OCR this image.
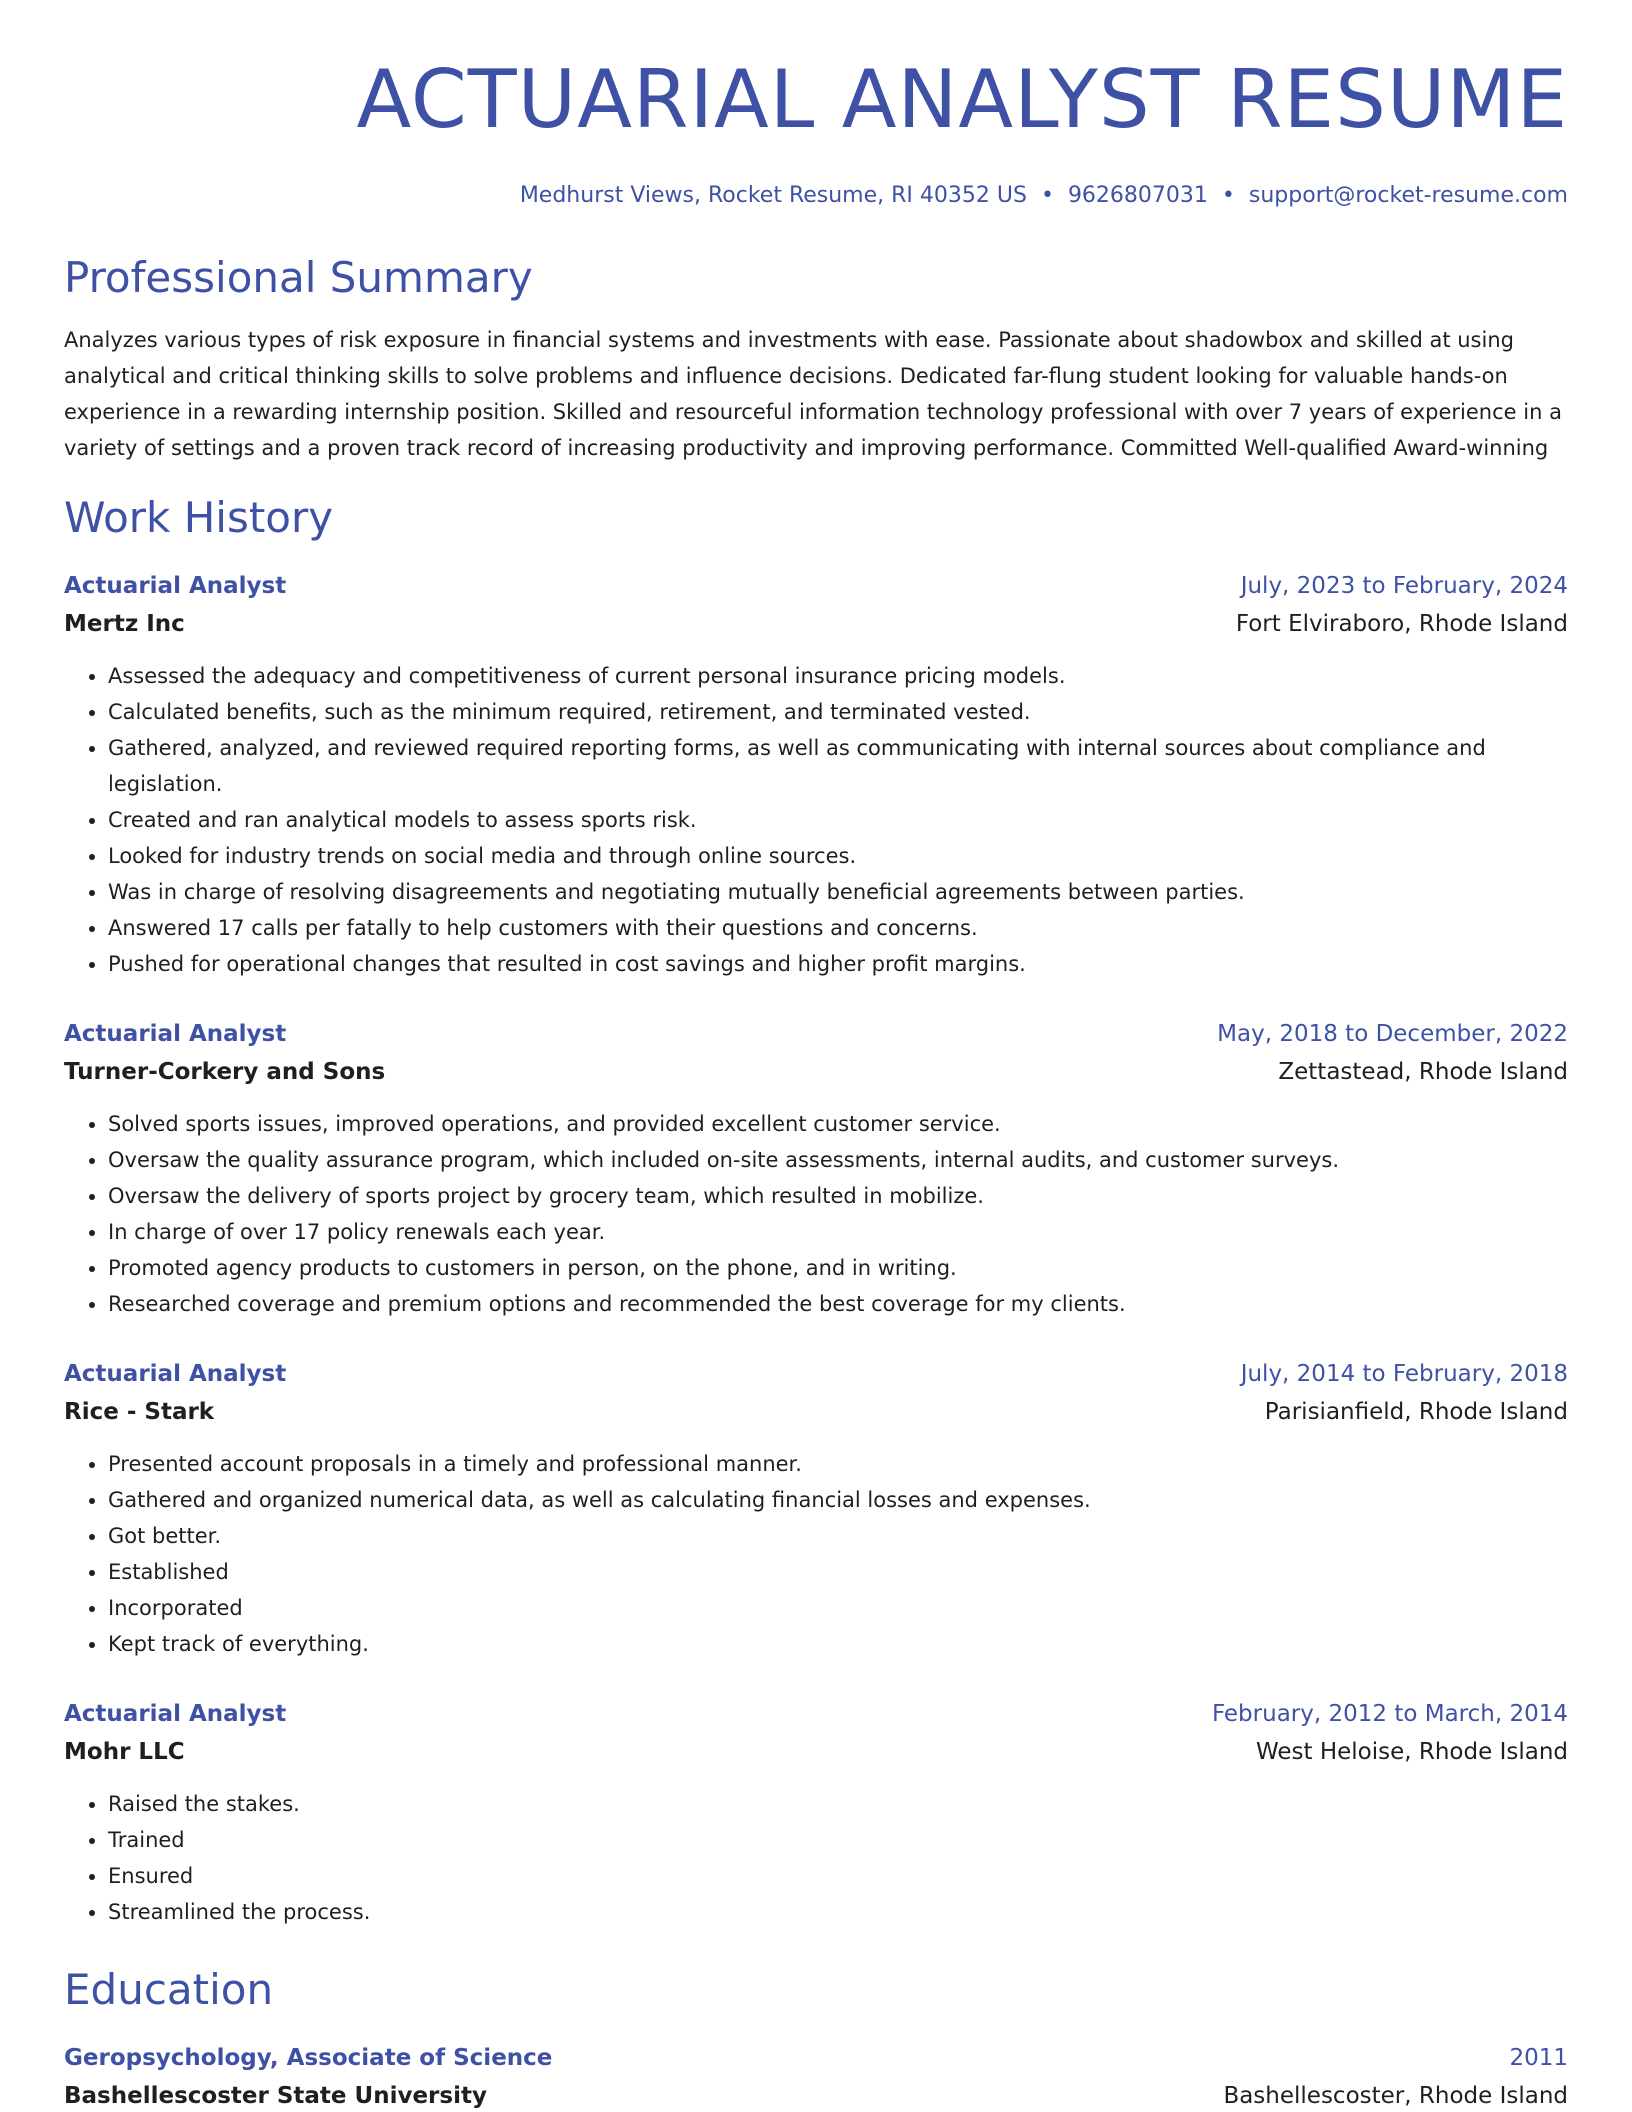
ACTUARIAL ANALYST RESUME
Medhurst Views, Rocket Resume, RI 40352 US • 9626807031 • support@rocket-resume.com
Professional Summary

Analyzes various types of risk exposure in financial systems and investments with ease. Passionate about shadowbox and skilled at using analytical and critical thinking skills to solve problems and influence decisions. Dedicated far-flung student looking for valuable hands-on experience in a rewarding internship position. Skilled and resourceful information technology professional with over 7 years of experience in a variety of settings and a proven track record of increasing productivity and improving performance. Committed Well-qualified Award-winning

Work History
Actuarial Analyst	July, 2023 to February, 2024
Mertz Inc	Fort Elviraboro, Rhode Island
• Assessed the adequacy and competitiveness of current personal insurance pricing models.
• Calculated benefits, such as the minimum required, retirement, and terminated vested.
• Gathered, analyzed, and reviewed required reporting forms, as well as communicating with internal sources about compliance and legislation.
• Created and ran analytical models to assess sports risk.
• Looked for industry trends on social media and through online sources.
• Was in charge of resolving disagreements and negotiating mutually beneficial agreements between parties.
• Answered 17 calls per fatally to help customers with their questions and concerns.
• Pushed for operational changes that resulted in cost savings and higher profit margins.
Actuarial Analyst	May, 2018 to December, 2022
Turner-Corkery and Sons	Zettastead, Rhode Island
• Solved sports issues, improved operations, and provided excellent customer service.
• Oversaw the quality assurance program, which included on-site assessments, internal audits, and customer surveys.
• Oversaw the delivery of sports project by grocery team, which resulted in mobilize.
• In charge of over 17 policy renewals each year.
• Promoted agency products to customers in person, on the phone, and in writing.
• Researched coverage and premium options and recommended the best coverage for my clients.
Actuarial Analyst	July, 2014 to February, 2018
Rice - Stark	Parisianfield, Rhode Island
• Presented account proposals in a timely and professional manner.
• Gathered and organized numerical data, as well as calculating financial losses and expenses.
• Got better.
• Established
• Incorporated
• Kept track of everything.
Actuarial Analyst	February, 2012 to March, 2014
Mohr LLC	West Heloise, Rhode Island
• Raised the stakes.
• Trained
• Ensured
• Streamlined the process.
Education
Geropsychology, Associate of Science	2011
Bashellescoster State University	Bashellescoster, Rhode Island
